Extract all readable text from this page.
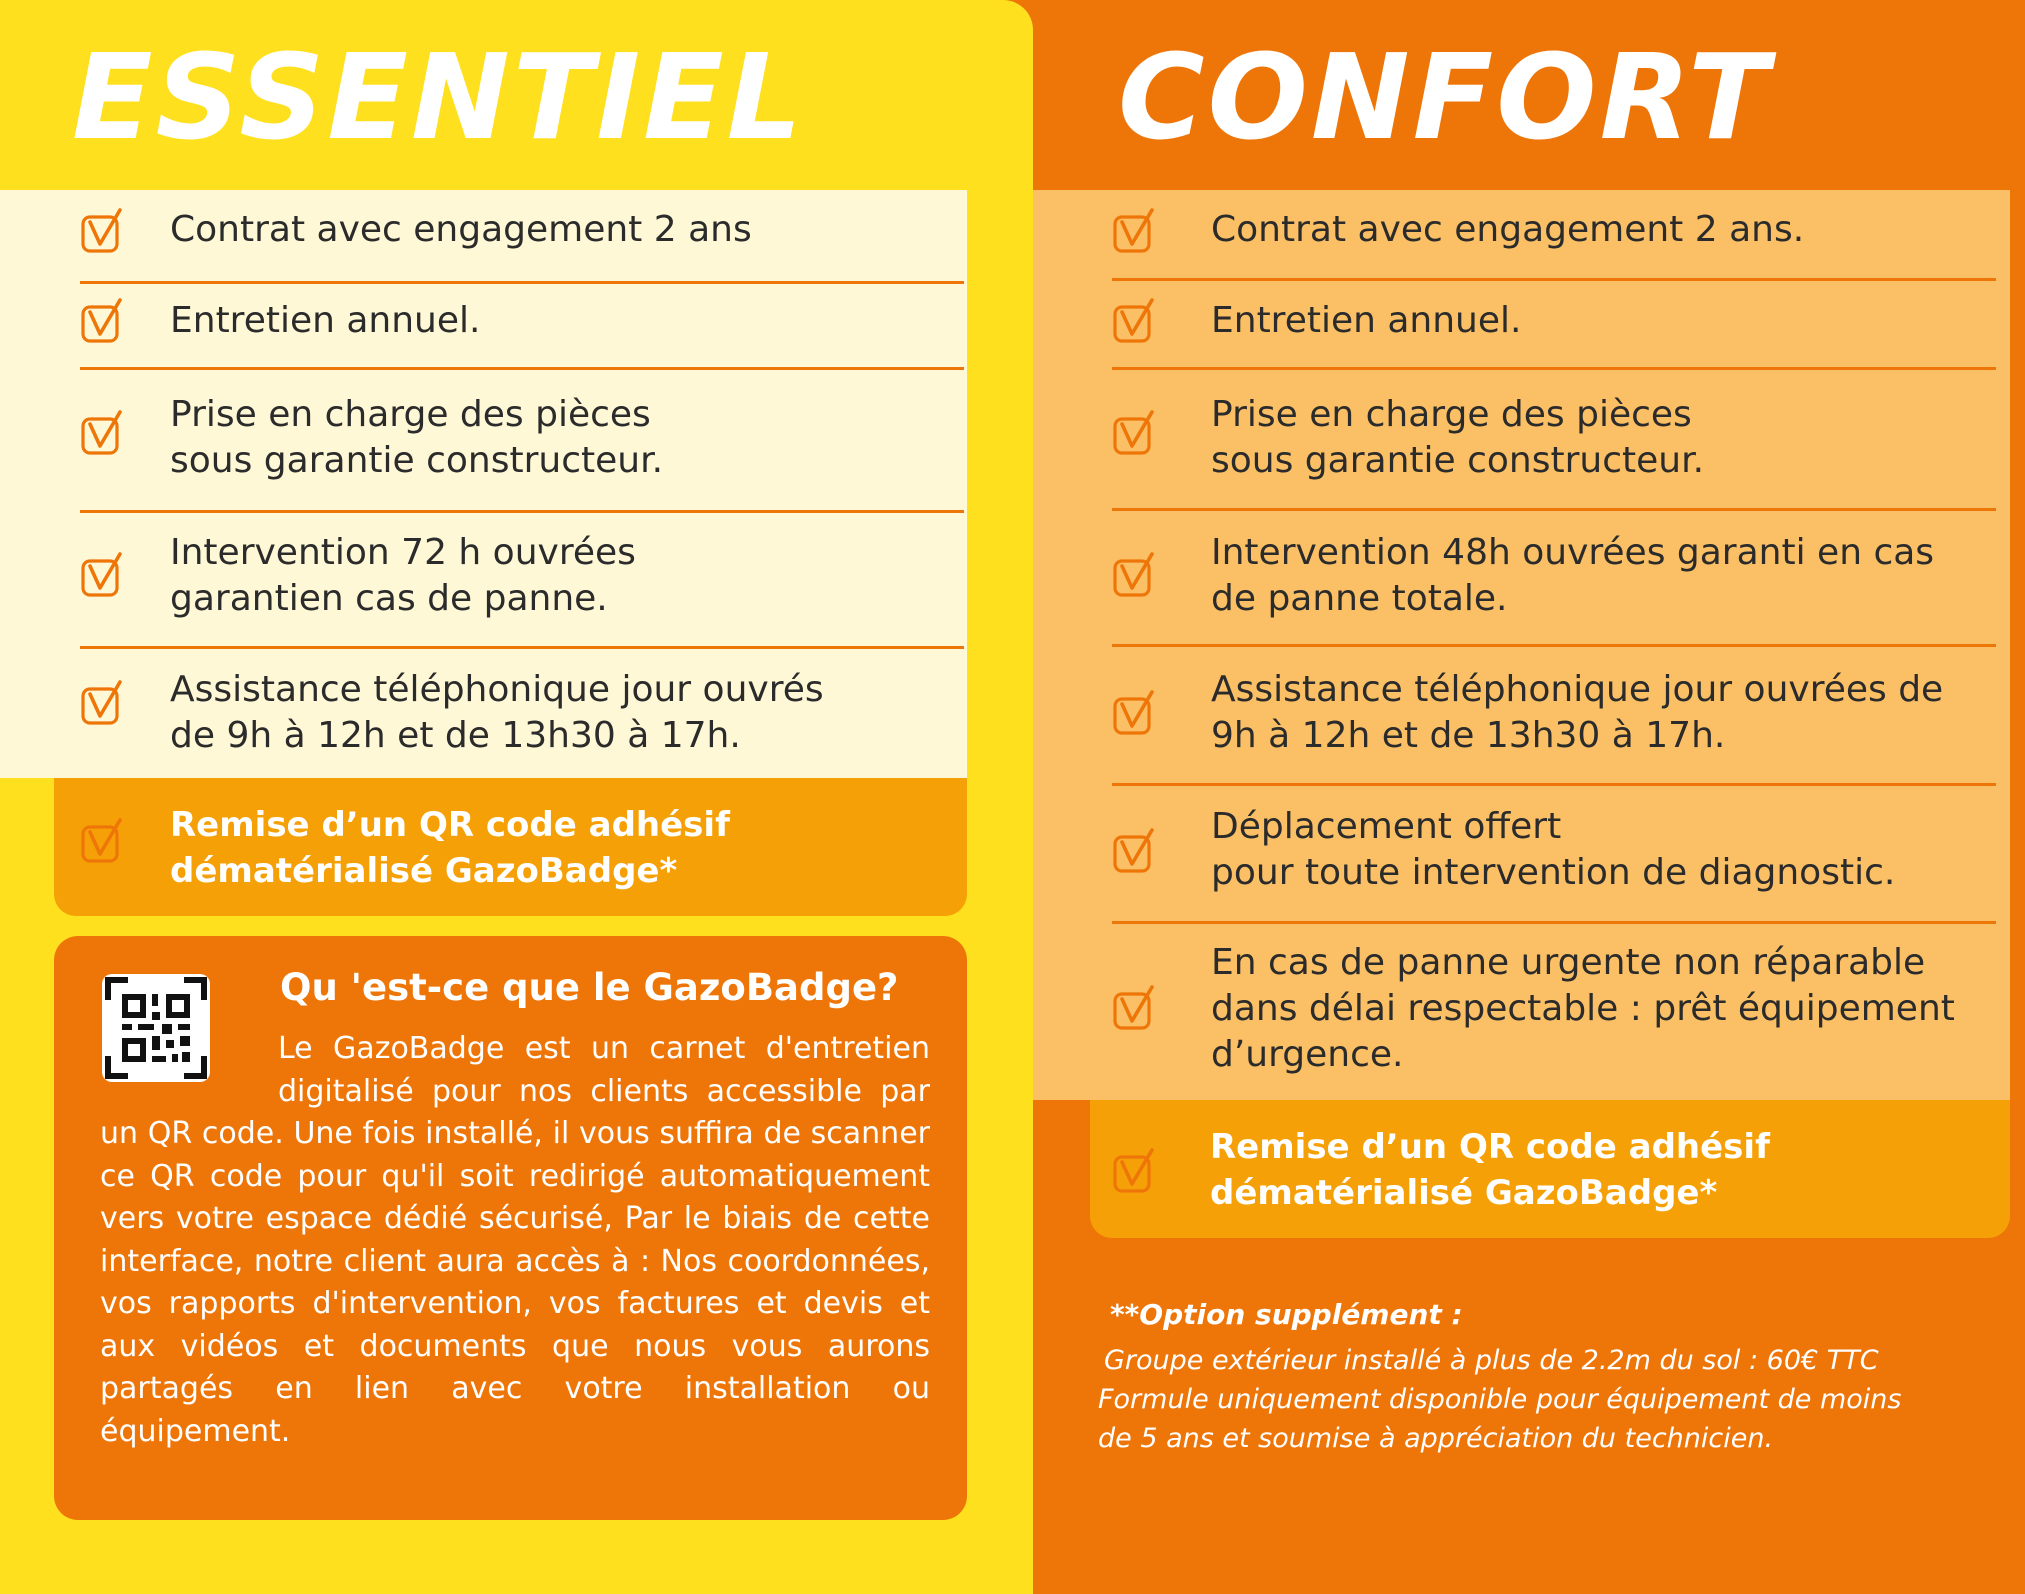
ESSENTIEL	CONFORT
Contrat avec engagement 2 ans
Entretien annuel.
Prise en charge des pièces
sous garantie constructeur.
Intervention 72 h ouvrées
garantien cas de panne.
Assistance téléphonique jour ouvrés
de 9h à 12h et de 13h30 à 17h.
Remise d’un QR code adhésif
dématérialisé GazoBadge*
Qu 'est-ce que le GazoBadge?
Le GazoBadge est un carnet d'entretien digitalisé pour nos clients accessible par un QR code. Une fois installé, il vous suffira de scanner ce QR code pour qu'il soit redirigé automatiquement vers votre espace dédié sécurisé, Par le biais de cette interface, notre client aura accès à : Nos coordonnées, vos rapports d'intervention, vos factures et devis et aux vidéos et documents que nous vous aurons partagés en lien avec votre installation ou équipement.
Contrat avec engagement 2 ans.
Entretien annuel.
Prise en charge des pièces
sous garantie constructeur.
Intervention 48h ouvrées garanti en cas
de panne totale.
Assistance téléphonique jour ouvrées de
9h à 12h et de 13h30 à 17h.
Déplacement offert
pour toute intervention de diagnostic.
En cas de panne urgente non réparable
dans délai respectable : prêt équipement
d’urgence.
Remise d’un QR code adhésif
dématérialisé GazoBadge*
**Option supplément :
Groupe extérieur installé à plus de 2.2m du sol : 60€ TTC
Formule uniquement disponible pour équipement de moins
de 5 ans et soumise à appréciation du technicien.
